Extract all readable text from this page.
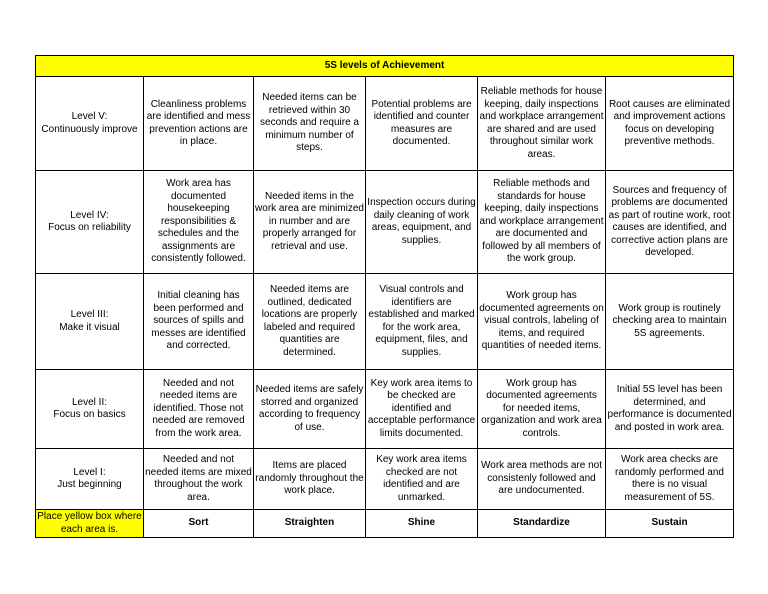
5S levels of Achievement					

Level V:
Continuously improve	Cleanliness problems are identified and mess prevention actions are in place.	Needed items can be retrieved within 30 seconds and require a minimum number of steps.	Potential problems are identified and counter measures are documented.	Reliable methods for house keeping, daily inspections and workplace arrangement are shared and are used throughout similar work areas.	Root causes are eliminated and improvement actions focus on developing preventive methods.

Level IV:
Focus on reliability	Work area has documented housekeeping responsibilities & schedules and the assignments are consistently followed.	Needed items in the work area are minimized in number and are properly arranged for retrieval and use.	Inspection occurs during daily cleaning of work areas, equipment, and supplies.	Reliable methods and standards for house keeping, daily inspections and workplace arrangement are documented and followed by all members of the work group.	Sources and frequency of problems are documented as part of routine work, root causes are identified, and corrective action plans are developed.

Level III:
Make it visual	Initial cleaning has been performed and sources of spills and messes are identified and corrected.	Needed items are outlined, dedicated locations are properly labeled and required quantities are determined.	Visual controls and identifiers are established and marked for the work area, equipment, files, and supplies.	Work group has documented agreements on visual controls, labeling of items, and required quantities of needed items.	Work group is routinely checking area to maintain 5S agreements.

Level II:
Focus on basics	Needed and not needed items are identified. Those not needed are removed from the work area.	Needed items are safely storred and organized according to frequency of use.	Key work area items to be checked are identified and acceptable performance limits documented.	Work group has documented agreements for needed items, organization and work area controls.	Initial 5S level has been determined, and performance is documented and posted in work area.

Level I:
Just beginning	Needed and not needed items are mixed throughout the work area.	Items are placed randomly throughout the work place.	Key work area items checked are not identified and are unmarked.	Work area methods are not consistenly followed and are undocumented.	Work area checks are randomly performed and there is no visual measurement of 5S.
Place yellow box where each area is.	Sort	Straighten	Shine	Standardize	Sustain
